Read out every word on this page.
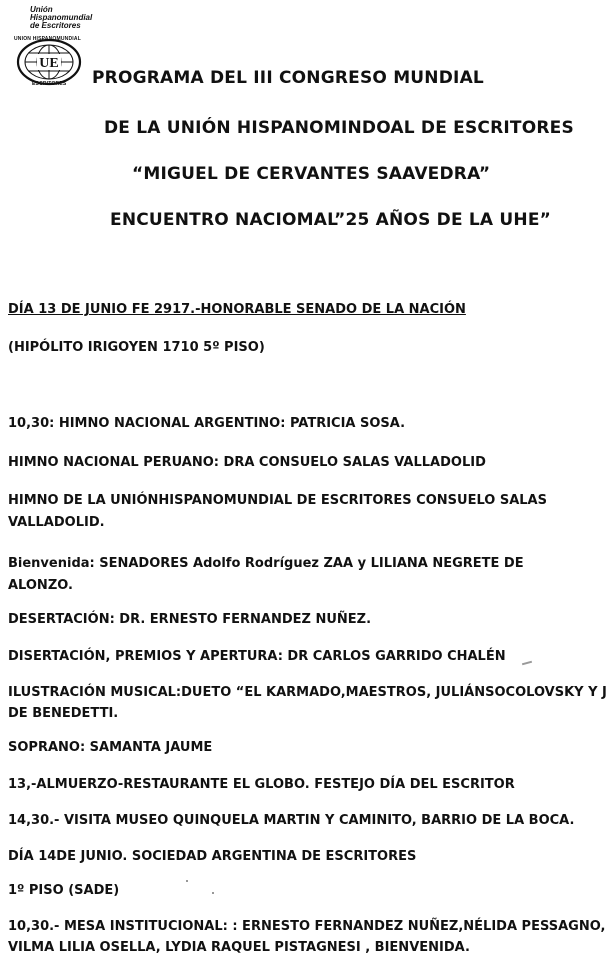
Unión
Hispanomundial
de Escritores
UE
UNION HISPANOMUNDIAL
ESCRITORES PROGRAMA DEL III CONGRESO MUNDIAL
DE LA UNIÓN HISPANOMINDOAL DE ESCRITORES
“MIGUEL DE CERVANTES SAAVEDRA”
ENCUENTRO NACIOMAL”25 AÑOS DE LA UHE”
DÍA 13 DE JUNIO FE 2917.-HONORABLE SENADO DE LA NACIÓN
(HIPÓLITO IRIGOYEN 1710 5º PISO)
10,30: HIMNO NACIONAL ARGENTINO: PATRICIA SOSA.
HIMNO NACIONAL PERUANO: DRA CONSUELO SALAS VALLADOLID
HIMNO DE LA UNIÓNHISPANOMUNDIAL DE ESCRITORES CONSUELO SALAS
VALLADOLID.
Bienvenida: SENADORES Adolfo Rodríguez ZAA y LILIANA NEGRETE DE
ALONZO.
DESERTACIÓN: DR. ERNESTO FERNANDEZ NUÑEZ.
DISERTACIÓN, PREMIOS Y APERTURA: DR CARLOS GARRIDO CHALÉN
ILUSTRACIÓN MUSICAL:DUETO “EL KARMADO,MAESTROS, JULIÁNSOCOLOVSKY Y J
DE BENEDETTI.
SOPRANO: SAMANTA JAUME
13,-ALMUERZO-RESTAURANTE EL GLOBO. FESTEJO DÍA DEL ESCRITOR
14,30.- VISITA MUSEO QUINQUELA MARTIN Y CAMINITO, BARRIO DE LA BOCA.
DÍA 14DE JUNIO. SOCIEDAD ARGENTINA DE ESCRITORES
1º PISO (SADE)
10,30.- MESA INSTITUCIONAL: : ERNESTO FERNANDEZ NUÑEZ,NÉLIDA PESSAGNO,
VILMA LILIA OSELLA, LYDIA RAQUEL PISTAGNESI , BIENVENIDA.
